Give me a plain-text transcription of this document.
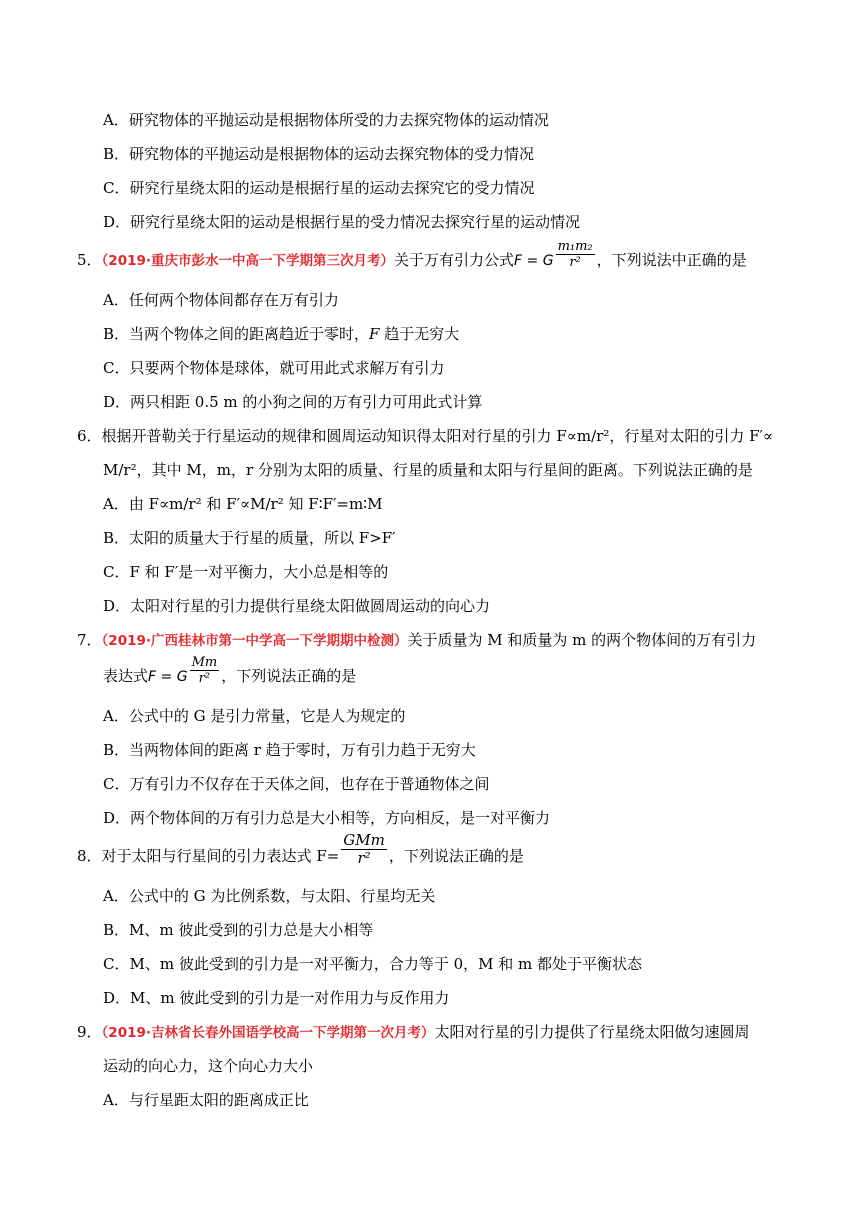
A．研究物体的平抛运动是根据物体所受的力去探究物体的运动情况
B．研究物体的平抛运动是根据物体的运动去探究物体的受力情况
C．研究行星绕太阳的运动是根据行星的运动去探究它的受力情况
D．研究行星绕太阳的运动是根据行星的受力情况去探究行星的运动情况
5．（2019·重庆市彭水一中高一下学期第三次月考）关于万有引力公式F = G $\frac{\text{m₁m₂}}{\text{r²}}$ ，下列说法中正确的是
A．任何两个物体间都存在万有引力
B．当两个物体之间的距离趋近于零时，F 趋于无穷大
C．只要两个物体是球体，就可用此式求解万有引力
D．两只相距 0.5 m 的小狗之间的万有引力可用此式计算
6．根据开普勒关于行星运动的规律和圆周运动知识得太阳对行星的引力 F∝m/r²，行星对太阳的引力 F′∝
M/r²，其中 M，m，r 分别为太阳的质量、行星的质量和太阳与行星间的距离。下列说法正确的是
A．由 F∝m/r² 和 F′∝M/r² 知 F∶F′=m∶M
B．太阳的质量大于行星的质量，所以 F>F′
C．F 和 F′是一对平衡力，大小总是相等的
D．太阳对行星的引力提供行星绕太阳做圆周运动的向心力
7．（2019·广西桂林市第一中学高一下学期期中检测）关于质量为 M 和质量为 m 的两个物体间的万有引力
表达式F = G $\frac{Mm}{\text{r²}}$ ，下列说法正确的是
A．公式中的 G 是引力常量，它是人为规定的
B．当两物体间的距离 r 趋于零时，万有引力趋于无穷大
C．万有引力不仅存在于天体之间，也存在于普通物体之间
D．两个物体间的万有引力总是大小相等，方向相反，是一对平衡力
8．对于太阳与行星间的引力表达式 $F= \frac{\text{GMm}}{\text{r²}}$ ，下列说法正确的是
A．公式中的 G 为比例系数，与太阳、行星均无关
B．M、m 彼此受到的引力总是大小相等
C．M、m 彼此受到的引力是一对平衡力，合力等于 0，M 和 m 都处于平衡状态
D．M、m 彼此受到的引力是一对作用力与反作用力
9．（2019·吉林省长春外国语学校高一下学期第一次月考）太阳对行星的引力提供了行星绕太阳做匀速圆周
运动的向心力，这个向心力大小
A．与行星距太阳的距离成正比
